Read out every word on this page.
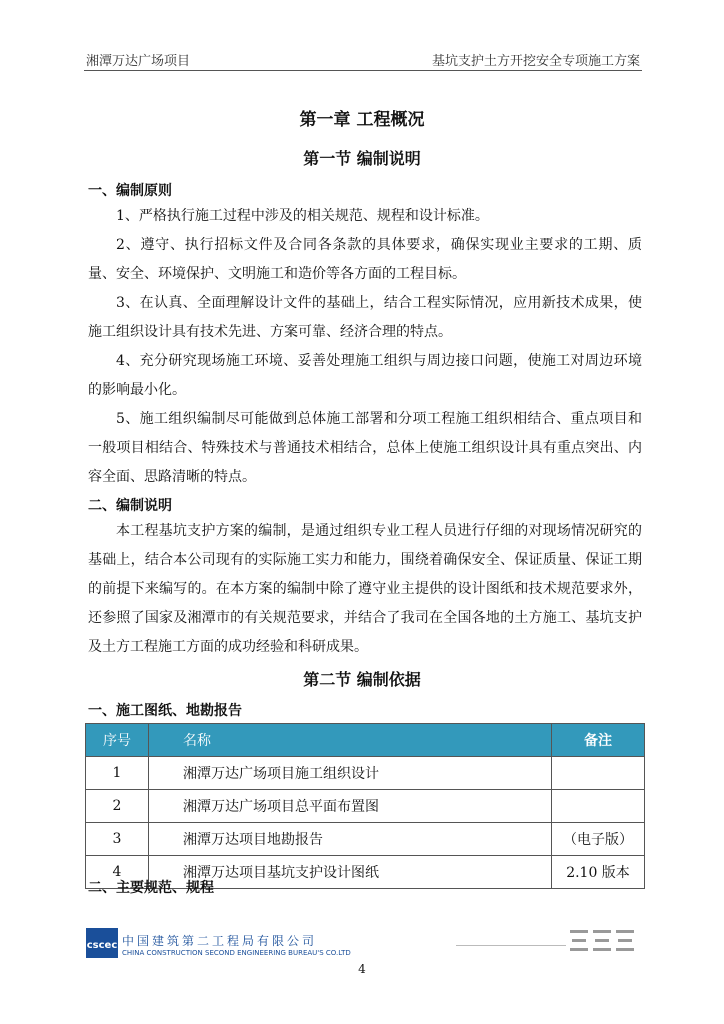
湘潭万达广场项目	基坑支护土方开挖安全专项施工方案
第一章 工程概况
第一节 编制说明
一、编制原则
1、严格执行施工过程中涉及的相关规范、规程和设计标准。
2、遵守、执行招标文件及合同各条款的具体要求，确保实现业主要求的工期、质量、安全、环境保护、文明施工和造价等各方面的工程目标。
3、在认真、全面理解设计文件的基础上，结合工程实际情况，应用新技术成果，使施工组织设计具有技术先进、方案可靠、经济合理的特点。
4、充分研究现场施工环境、妥善处理施工组织与周边接口问题，使施工对周边环境的影响最小化。
5、施工组织编制尽可能做到总体施工部署和分项工程施工组织相结合、重点项目和一般项目相结合、特殊技术与普通技术相结合，总体上使施工组织设计具有重点突出、内容全面、思路清晰的特点。
二、编制说明
本工程基坑支护方案的编制，是通过组织专业工程人员进行仔细的对现场情况研究的基础上，结合本公司现有的实际施工实力和能力，围绕着确保安全、保证质量、保证工期的前提下来编写的。在本方案的编制中除了遵守业主提供的设计图纸和技术规范要求外，还参照了国家及湘潭市的有关规范要求，并结合了我司在全国各地的土方施工、基坑支护及土方工程施工方面的成功经验和科研成果。
第二节 编制依据
一、施工图纸、地勘报告
序号	名称	备注
1	湘潭万达广场项目施工组织设计	
2	湘潭万达广场项目总平面布置图	
3	湘潭万达项目地勘报告	（电子版）
4	湘潭万达项目基坑支护设计图纸	2.10 版本
二、主要规范、规程
cscec 中国建筑第二工程局有限公司
CHINA CONSTRUCTION SECOND ENGINEERING BUREAU'S CO.LTD
4
